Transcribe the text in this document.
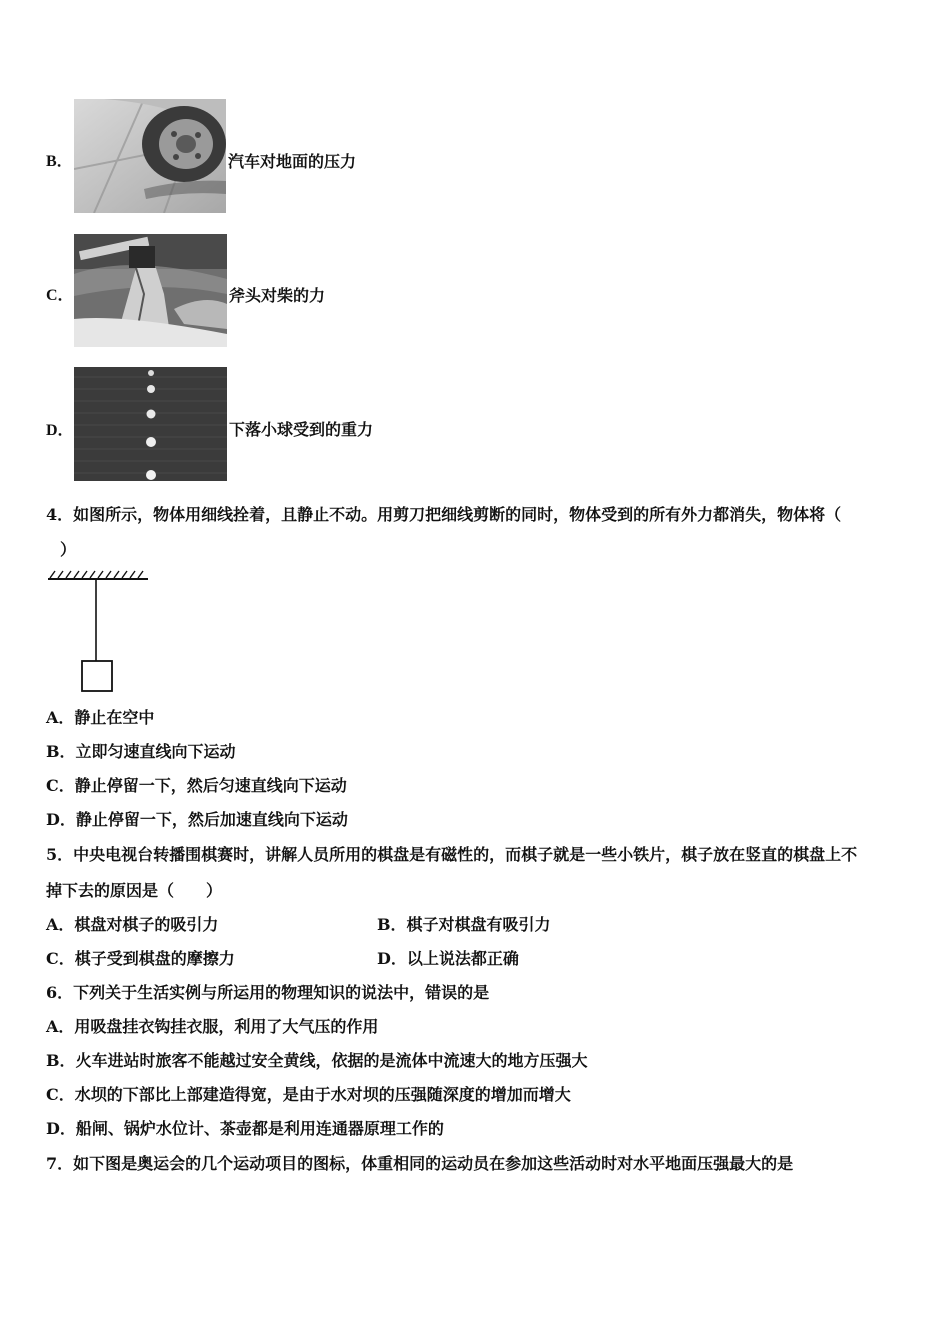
B．	汽车对地面的压力
C．	斧头对柴的力
D．	下落小球受到的重力
4．如图所示，物体用细线拴着，且静止不动。用剪刀把细线剪断的同时，物体受到的所有外力都消失，物体将（
）
A．静止在空中
B．立即匀速直线向下运动
C．静止停留一下，然后匀速直线向下运动
D．静止停留一下，然后加速直线向下运动
5．中央电视台转播围棋赛时，讲解人员所用的棋盘是有磁性的，而棋子就是一些小铁片，棋子放在竖直的棋盘上不
掉下去的原因是（　　）
A．棋盘对棋子的吸引力	B．棋子对棋盘有吸引力
C．棋子受到棋盘的摩擦力	D．以上说法都正确
6．下列关于生活实例与所运用的物理知识的说法中，错误的是
A．用吸盘挂衣钩挂衣服，利用了大气压的作用
B．火车进站时旅客不能越过安全黄线，依据的是流体中流速大的地方压强大
C．水坝的下部比上部建造得宽，是由于水对坝的压强随深度的增加而增大
D．船闸、锅炉水位计、茶壶都是利用连通器原理工作的
7．如下图是奥运会的几个运动项目的图标，体重相同的运动员在参加这些活动时对水平地面压强最大的是
